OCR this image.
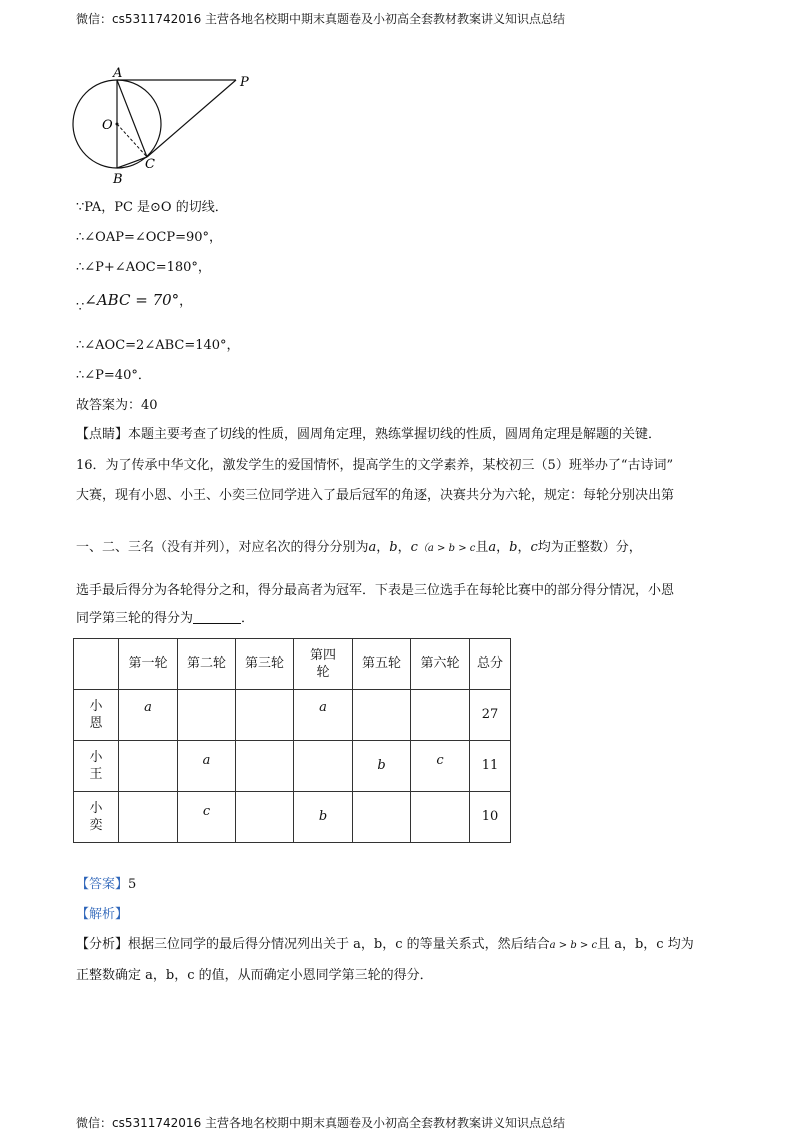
微信：cs5311742016 主营各地名校期中期末真题卷及小初高全套教材教案讲义知识点总结
A
P
O
C
B
∵PA，PC 是⊙O 的切线．
∴∠OAP=∠OCP=90°，
∴∠P+∠AOC=180°，
∵∠ABC = 70°，
∴∠AOC=2∠ABC=140°，
∴∠P=40°．
故答案为：40
【点睛】本题主要考查了切线的性质，圆周角定理，熟练掌握切线的性质，圆周角定理是解题的关键．
16．为了传承中华文化，激发学生的爱国情怀，提高学生的文学素养，某校初三（5）班举办了“古诗词”
大赛，现有小恩、小王、小奕三位同学进入了最后冠军的角逐，决赛共分为六轮，规定：每轮分别决出第
一、二、三名（没有并列），对应名次的得分分别为a，b，c（a > b > c且a，b，c均为正整数）分，
选手最后得分为各轮得分之和，得分最高者为冠军．下表是三位选手在每轮比赛中的部分得分情况，小恩
同学第三轮的得分为	．
	第一轮	第二轮	第三轮	第四轮	第五轮	第六轮	总分

小恩	a			a			27

小王		a			b	c	11

小奕		c		b			10
【答案】5
【解析】
【分析】根据三位同学的最后得分情况列出关于 a，b，c 的等量关系式，然后结合a > b > c且 a，b，c 均为
正整数确定 a，b，c 的值，从而确定小恩同学第三轮的得分．
微信：cs5311742016 主营各地名校期中期末真题卷及小初高全套教材教案讲义知识点总结
